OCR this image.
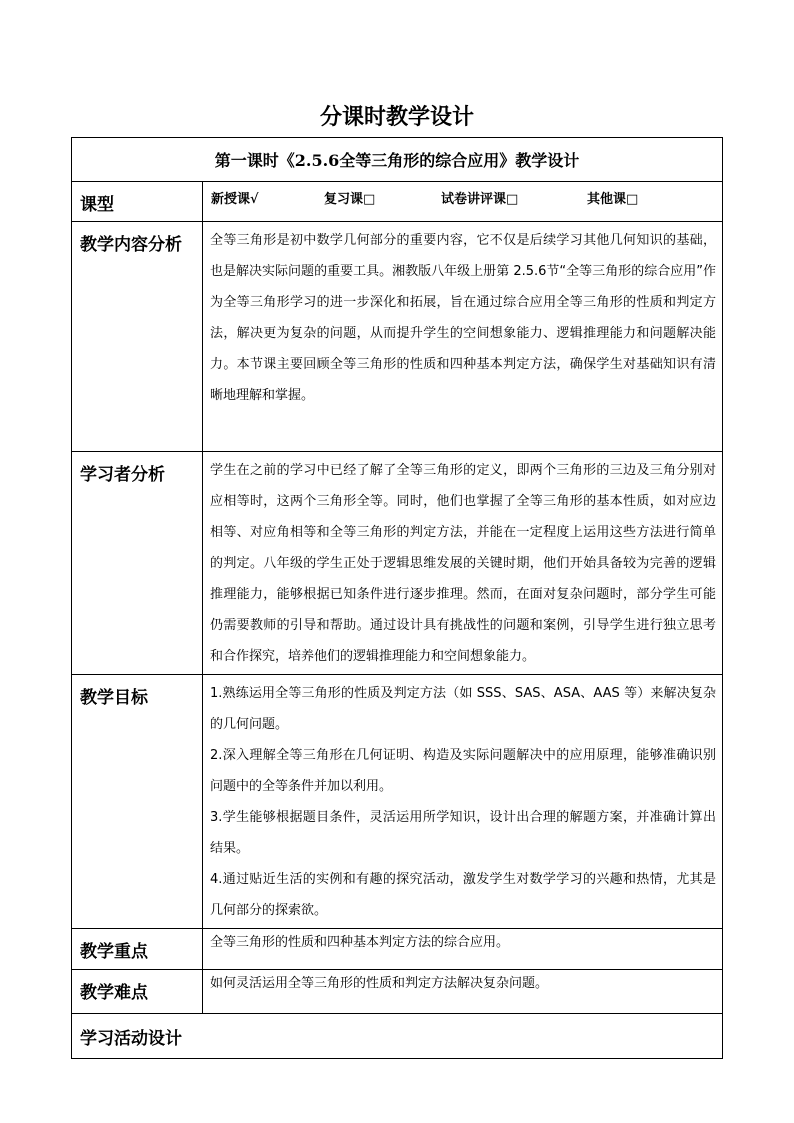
分课时教学设计
第一课时《2.5.6全等三角形的综合应用》教学设计	
课型	新授课√ 复习课□ 试卷讲评课□ 其他课□
教学内容分析	全等三角形是初中数学几何部分的重要内容，它不仅是后续学习其他几何知识的基础，也是解决实际问题的重要工具。湘教版八年级上册第 2.5.6节“全等三角形的综合应用”作为全等三角形学习的进一步深化和拓展，旨在通过综合应用全等三角形的性质和判定方法，解决更为复杂的问题，从而提升学生的空间想象能力、逻辑推理能力和问题解决能力。本节课主要回顾全等三角形的性质和四种基本判定方法，确保学生对基础知识有清晰地理解和掌握。
学习者分析	学生在之前的学习中已经了解了全等三角形的定义，即两个三角形的三边及三角分别对应相等时，这两个三角形全等。同时，他们也掌握了全等三角形的基本性质，如对应边相等、对应角相等和全等三角形的判定方法，并能在一定程度上运用这些方法进行简单的判定。八年级的学生正处于逻辑思维发展的关键时期，他们开始具备较为完善的逻辑推理能力，能够根据已知条件进行逐步推理。然而，在面对复杂问题时，部分学生可能仍需要教师的引导和帮助。通过设计具有挑战性的问题和案例，引导学生进行独立思考和合作探究，培养他们的逻辑推理能力和空间想象能力。
教学目标	1.熟练运用全等三角形的性质及判定方法（如 SSS、SAS、ASA、AAS 等）来解决复杂的几何问题。

2.深入理解全等三角形在几何证明、构造及实际问题解决中的应用原理，能够准确识别问题中的全等条件并加以利用。

3.学生能够根据题目条件，灵活运用所学知识，设计出合理的解题方案，并准确计算出结果。

4.通过贴近生活的实例和有趣的探究活动，激发学生对数学学习的兴趣和热情，尤其是几何部分的探索欲。

教学重点	全等三角形的性质和四种基本判定方法的综合应用。
教学难点	如何灵活运用全等三角形的性质和判定方法解决复杂问题。
学习活动设计	
